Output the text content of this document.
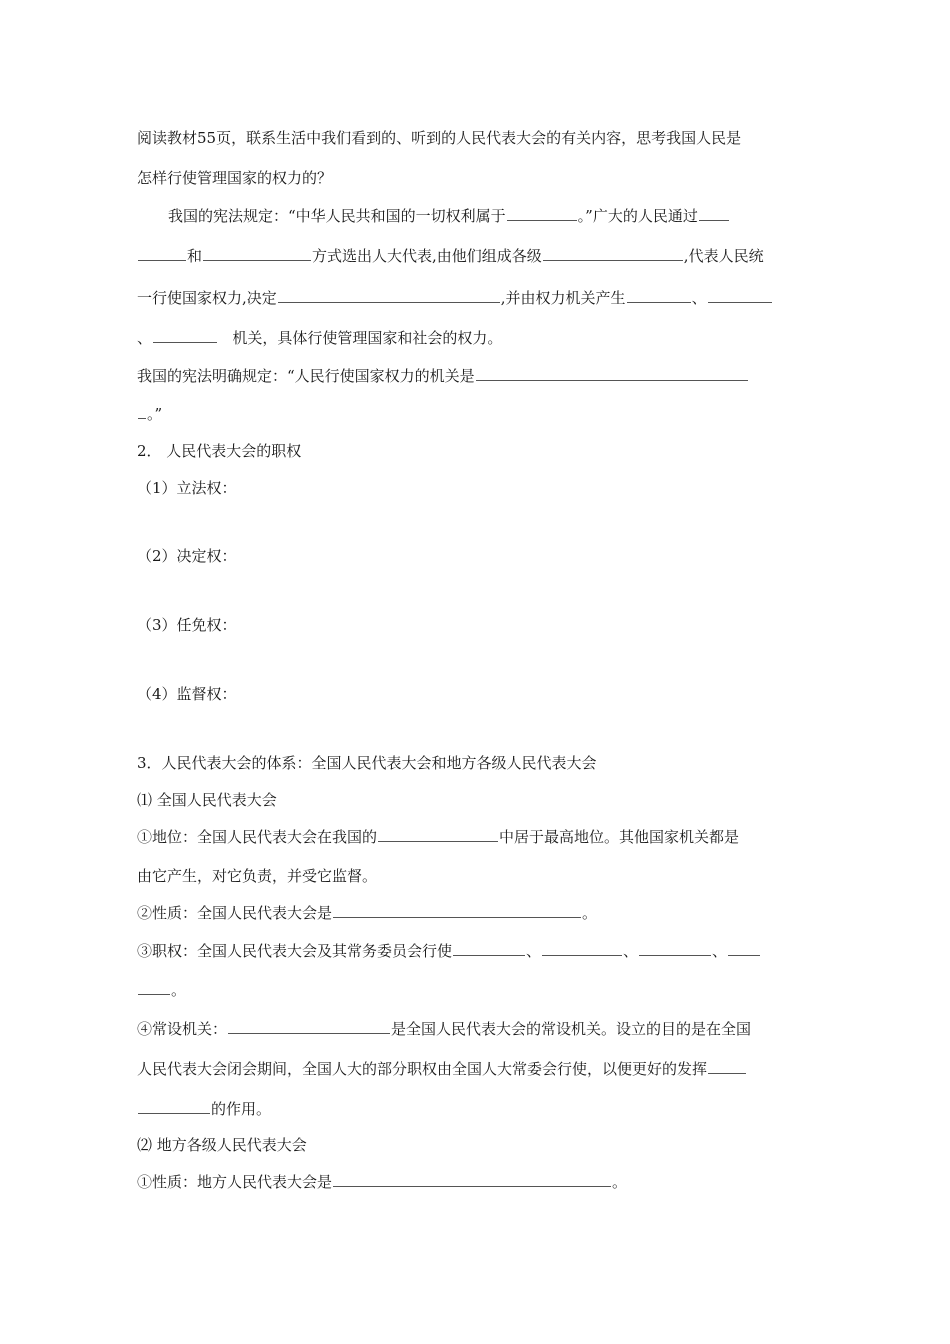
阅读教材55页，联系生活中我们看到的、听到的人民代表大会的有关内容，思考我国人民是
怎样行使管理国家的权力的？
我国的宪法规定：“中华人民共和国的一切权利属于	。”广大的人民通过
和	方式选出人大代表,由他们组成各级	,代表人民统
一行使国家权力,决定	,并由权力机关产生	、
、	机关，具体行使管理国家和社会的权力。
我国的宪法明确规定：“人民行使国家权力的机关是
。”
2． 人民代表大会的职权
（1）立法权：
（2）决定权：
（3）任免权：
（4）监督权：
3．人民代表大会的体系：全国人民代表大会和地方各级人民代表大会
⑴ 全国人民代表大会
①地位：全国人民代表大会在我国的	中居于最高地位。其他国家机关都是
由它产生，对它负责，并受它监督。
②性质：全国人民代表大会是	。
③职权：全国人民代表大会及其常务委员会行使	、	、	、
。
④常设机关：	是全国人民代表大会的常设机关。设立的目的是在全国
人民代表大会闭会期间，全国人大的部分职权由全国人大常委会行使，以便更好的发挥
的作用。
⑵ 地方各级人民代表大会
①性质：地方人民代表大会是	。
